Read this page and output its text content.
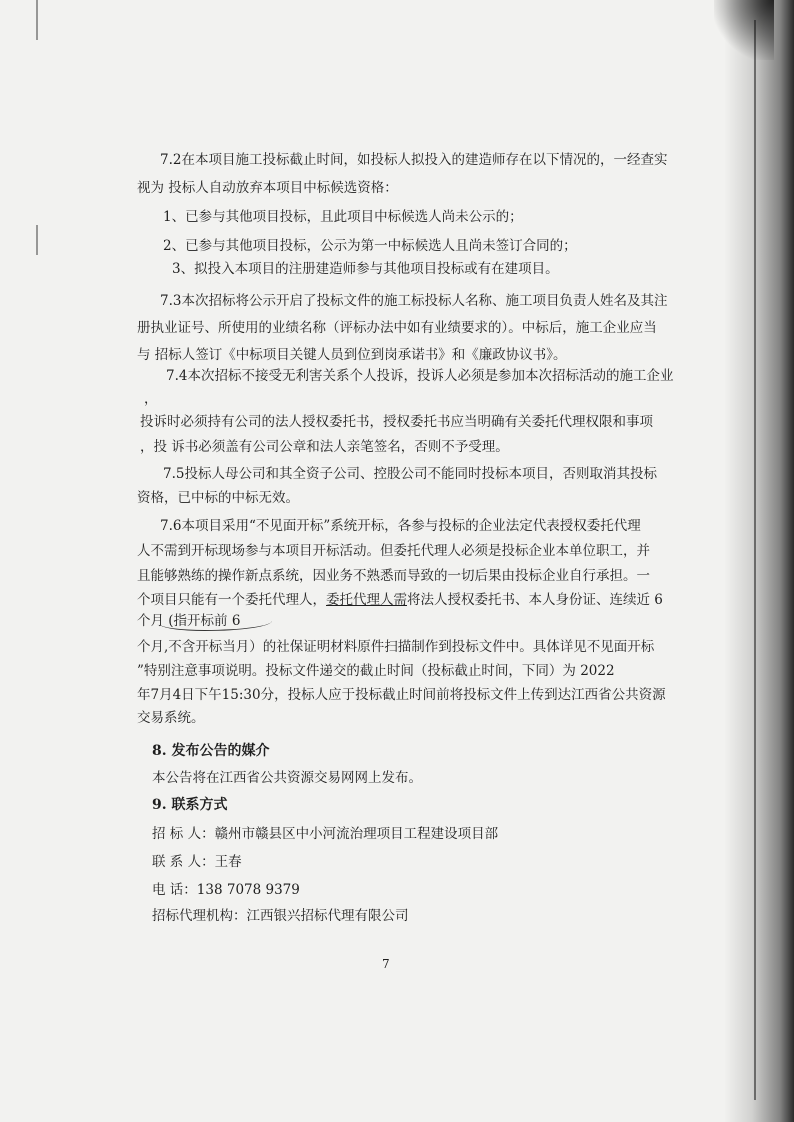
7.2在本项目施工投标截止时间，如投标人拟投入的建造师存在以下情况的，一经查实
视为 投标人自动放弃本项目中标候选资格：
1、已参与其他项目投标，且此项目中标候选人尚未公示的；
2、已参与其他项目投标，公示为第一中标候选人且尚未签订合同的；
3、拟投入本项目的注册建造师参与其他项目投标或有在建项目。
7.3本次招标将公示开启了投标文件的施工标投标人名称、施工项目负责人姓名及其注
册执业证号、所使用的业绩名称（评标办法中如有业绩要求的）。中标后，施工企业应当
与 招标人签订《中标项目关键人员到位到岗承诺书》和《廉政协议书》。
7.4本次招标不接受无利害关系个人投诉，投诉人必须是参加本次招标活动的施工企业
，
投诉时必须持有公司的法人授权委托书，授权委托书应当明确有关委托代理权限和事项
，投 诉书必须盖有公司公章和法人亲笔签名，否则不予受理。
7.5投标人母公司和其全资子公司、控股公司不能同时投标本项目，否则取消其投标
资格，已中标的中标无效。
7.6本项目采用“不见面开标”系统开标，各参与投标的企业法定代表授权委托代理
人不需到开标现场参与本项目开标活动。但委托代理人必须是投标企业本单位职工，并
且能够熟练的操作新点系统，因业务不熟悉而导致的一切后果由投标企业自行承担。一
个项目只能有一个委托代理人，委托代理人需将法人授权委托书、本人身份证、连续近 6
个月 (指开标前 6
个月,不含开标当月）的社保证明材料原件扫描制作到投标文件中。具体详见不见面开标
”特别注意事项说明。投标文件递交的截止时间（投标截止时间，下同）为 2022
年7月4日下午15:30分，投标人应于投标截止时间前将投标文件上传到达江西省公共资源
交易系统。
8. 发布公告的媒介
本公告将在江西省公共资源交易网网上发布。
9. 联系方式
招 标 人：赣州市赣县区中小河流治理项目工程建设项目部
联 系 人：王春
电 话：138 7078 9379
招标代理机构：江西银兴招标代理有限公司
7
